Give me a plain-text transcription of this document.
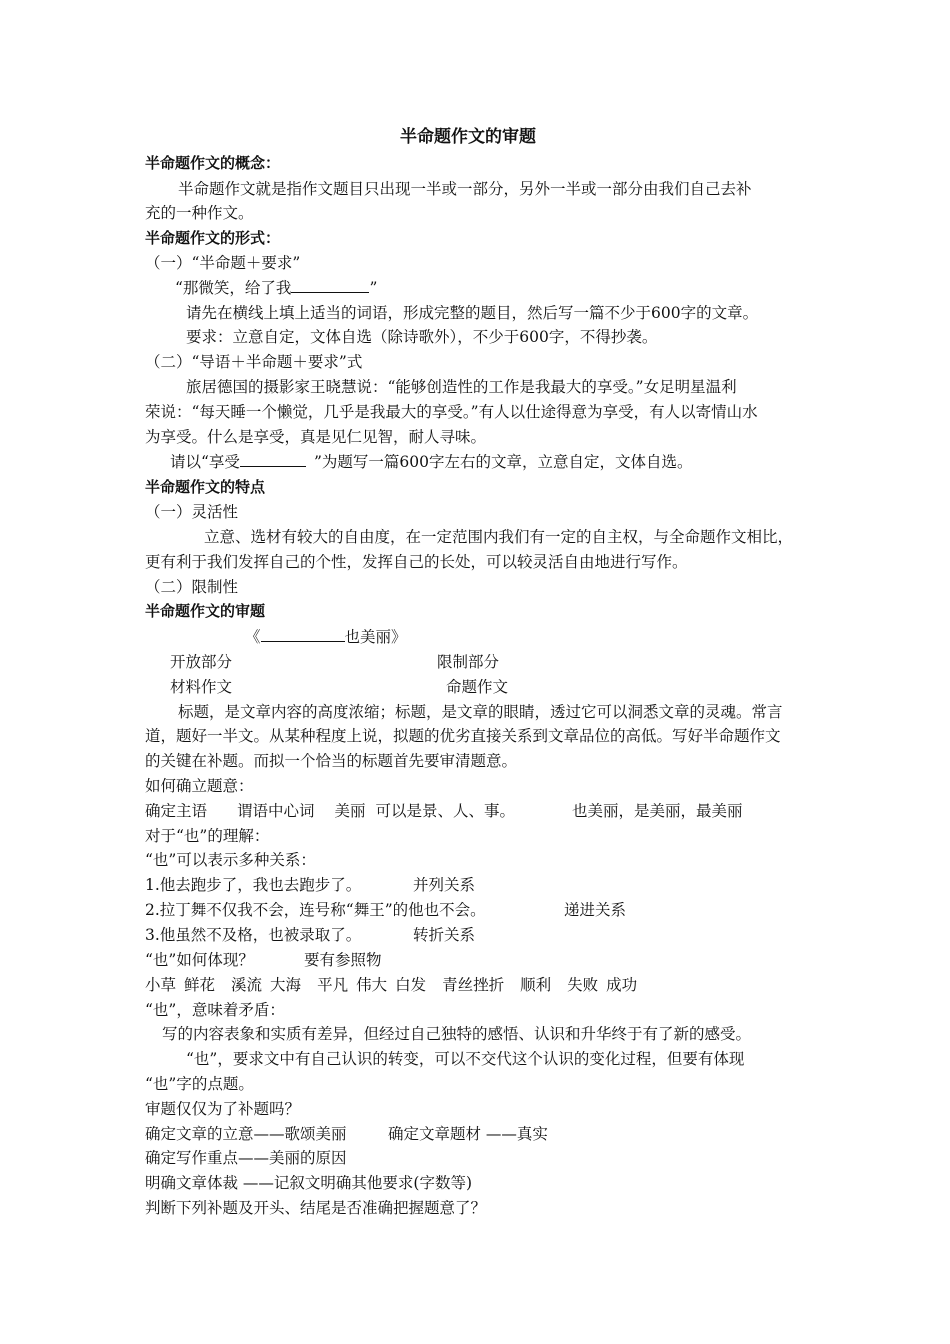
半命题作文的审题
半命题作文的概念：
半命题作文就是指作文题目只出现一半或一部分，另外一半或一部分由我们自己去补
充的一种作文。
半命题作文的形式：
（一）“半命题＋要求”
“那微笑，给了我	”
请先在横线上填上适当的词语，形成完整的题目，然后写一篇不少于600字的文章。
要求：立意自定，文体自选（除诗歌外），不少于600字，不得抄袭。
（二）“导语＋半命题＋要求”式
旅居德国的摄影家王晓慧说：“能够创造性的工作是我最大的享受。”女足明星温利
荣说：“每天睡一个懒觉，几乎是我最大的享受。”有人以仕途得意为享受，有人以寄情山水
为享受。什么是享受，真是见仁见智，耐人寻味。
请以“享受	”为题写一篇600字左右的文章，立意自定，文体自选。
半命题作文的特点
（一）灵活性
立意、选材有较大的自由度，在一定范围内我们有一定的自主权，与全命题作文相比，
更有利于我们发挥自己的个性，发挥自己的长处，可以较灵活自由地进行写作。
（二）限制性
半命题作文的审题
《	也美丽》
开放部分	限制部分
材料作文	命题作文
标题，是文章内容的高度浓缩；标题，是文章的眼睛，透过它可以洞悉文章的灵魂。常言
道，题好一半文。从某种程度上说，拟题的优劣直接关系到文章品位的高低。写好半命题作文
的关键在补题。而拟一个恰当的标题首先要审清题意。
如何确立题意：
确定主语 谓语中心词 美丽 可以是景、人、事。	也美丽，是美丽，最美丽
对于“也”的理解：
“也”可以表示多种关系：
1.他去跑步了，我也去跑步了。	并列关系
2.拉丁舞不仅我不会，连号称“舞王”的他也不会。	递进关系
3.他虽然不及格，也被录取了。	转折关系
“也”如何体现？	要有参照物
小草 鲜花 溪流 大海 平凡 伟大 白发 青丝挫折 顺利 失败 成功
“也”，意味着矛盾：
写的内容表象和实质有差异，但经过自己独特的感悟、认识和升华终于有了新的感受。
“也”，要求文中有自己认识的转变，可以不交代这个认识的变化过程，但要有体现
“也”字的点题。
审题仅仅为了补题吗？
确定文章的立意——歌颂美丽	确定文章题材 ——真实
确定写作重点——美丽的原因
明确文章体裁 ——记叙文明确其他要求(字数等)
判断下列补题及开头、结尾是否准确把握题意了？
